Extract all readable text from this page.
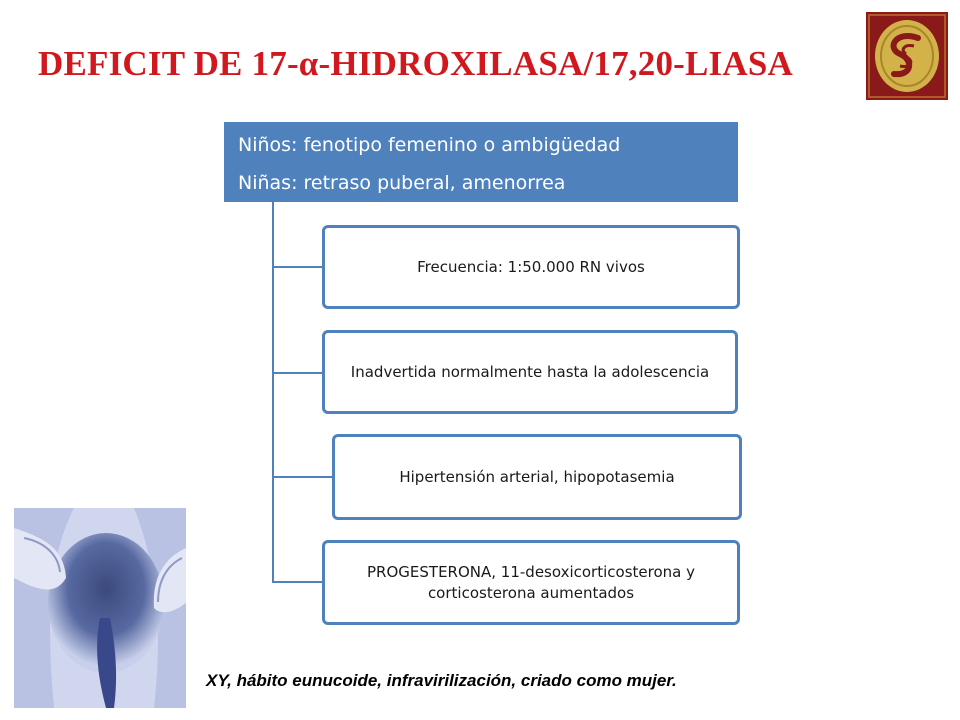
DEFICIT DE 17-α-HIDROXILASA/17,20-LIASA
Niños: fenotipo femenino o ambigüedad
Niñas: retraso puberal, amenorrea
Frecuencia: 1:50.000 RN vivos
Inadvertida normalmente hasta la adolescencia
Hipertensión arterial, hipopotasemia
PROGESTERONA, 11-desoxicorticosterona y corticosterona aumentados
XY, hábito eunucoide, infravirilización, criado como mujer.
